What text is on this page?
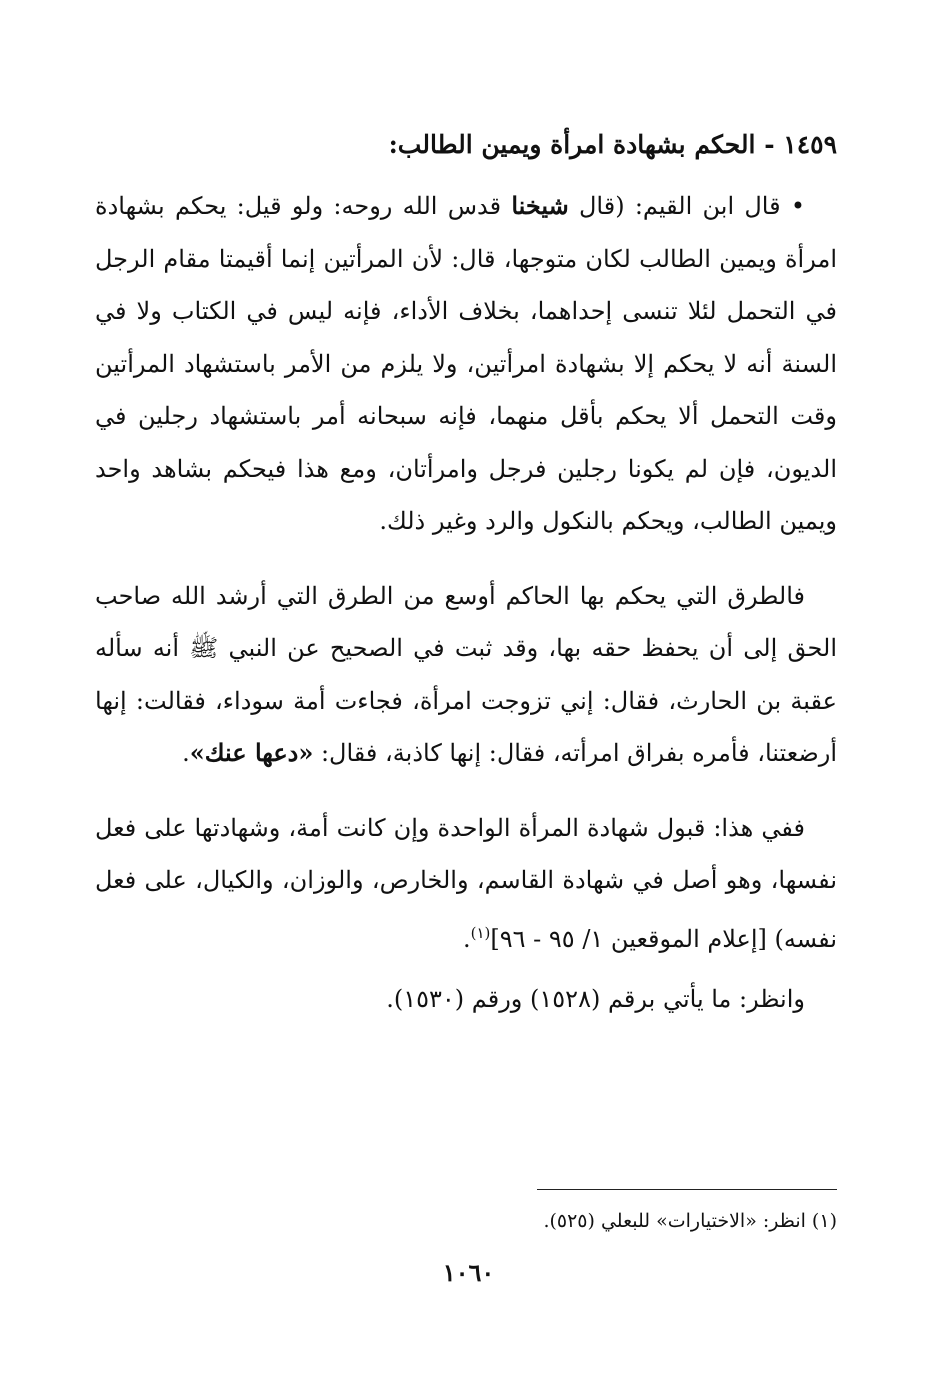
١٤٥٩ - الحكم بشهادة امرأة ويمين الطالب:

• قال ابن القيم: (قال شيخنا قدس الله روحه: ولو قيل: يحكم بشهادة امرأة ويمين الطالب لكان متوجها، قال: لأن المرأتين إنما أقيمتا مقام الرجل في التحمل لئلا تنسى إحداهما، بخلاف الأداء، فإنه ليس في الكتاب ولا في السنة أنه لا يحكم إلا بشهادة امرأتين، ولا يلزم من الأمر باستشهاد المرأتين وقت التحمل ألا يحكم بأقل منهما، فإنه سبحانه أمر باستشهاد رجلين في الديون، فإن لم يكونا رجلين فرجل وامرأتان، ومع هذا فيحكم بشاهد واحد ويمين الطالب، ويحكم بالنكول والرد وغير ذلك.

فالطرق التي يحكم بها الحاكم أوسع من الطرق التي أرشد الله صاحب الحق إلى أن يحفظ حقه بها، وقد ثبت في الصحيح عن النبي ﷺ أنه سأله عقبة بن الحارث، فقال: إني تزوجت امرأة، فجاءت أمة سوداء، فقالت: إنها أرضعتنا، فأمره بفراق امرأته، فقال: إنها كاذبة، فقال: «دعها عنك».

ففي هذا: قبول شهادة المرأة الواحدة وإن كانت أمة، وشهادتها على فعل نفسها، وهو أصل في شهادة القاسم، والخارص، والوزان، والكيال، على فعل نفسه) [إعلام الموقعين ١/ ٩٥ - ٩٦]$^{(١)}$.

وانظر: ما يأتي برقم (١٥٢٨) ورقم (١٥٣٠).

(١) انظر: «الاختيارات» للبعلي (٥٢٥).
١٠٦٠
